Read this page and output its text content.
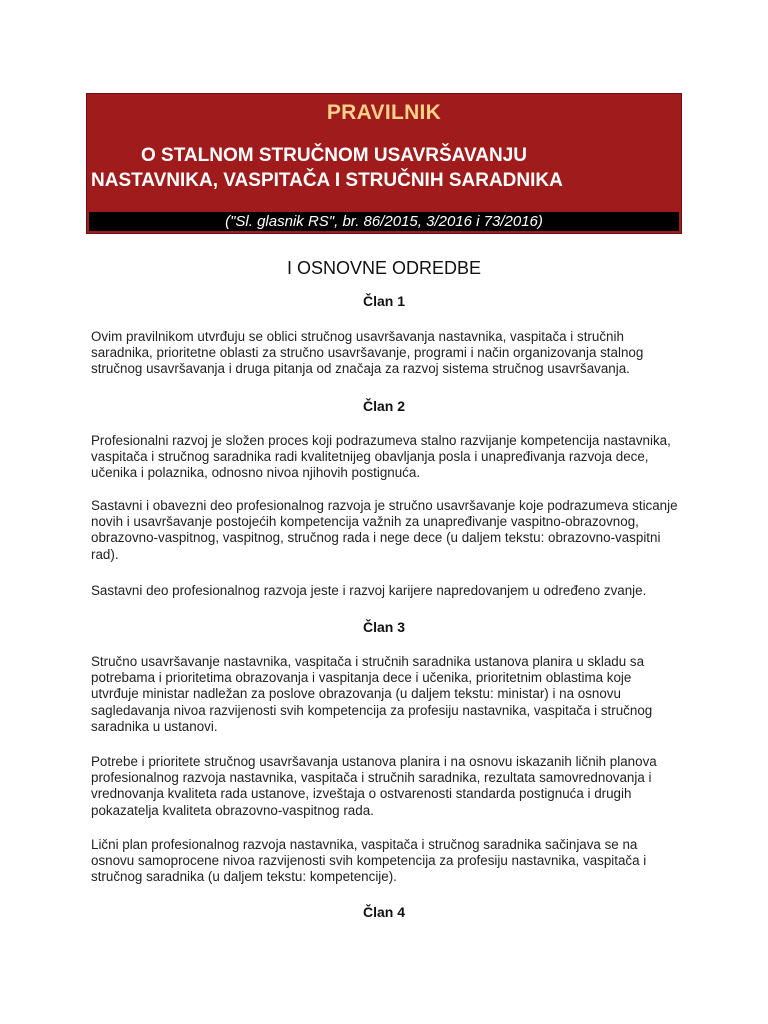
PRAVILNIK
O STALNOM STRUČNOM USAVRŠAVANJU
NASTAVNIKA, VASPITAČA I STRUČNIH SARADNIKA
("Sl. glasnik RS", br. 86/2015, 3/2016 i 73/2016)
I OSNOVNE ODREDBE
Član 1
Ovim pravilnikom utvrđuju se oblici stručnog usavršavanja nastavnika, vaspitača i stručnih saradnika, prioritetne oblasti za stručno usavršavanje, programi i način organizovanja stalnog stručnog usavršavanja i druga pitanja od značaja za razvoj sistema stručnog usavršavanja.
Član 2
Profesionalni razvoj je složen proces koji podrazumeva stalno razvijanje kompetencija nastavnika, vaspitača i stručnog saradnika radi kvalitetnijeg obavljanja posla i unapređivanja razvoja dece, učenika i polaznika, odnosno nivoa njihovih postignuća.
Sastavni i obavezni deo profesionalnog razvoja je stručno usavršavanje koje podrazumeva sticanje novih i usavršavanje postojećih kompetencija važnih za unapređivanje vaspitno-obrazovnog, obrazovno-vaspitnog, vaspitnog, stručnog rada i nege dece (u daljem tekstu: obrazovno-vaspitni rad).
Sastavni deo profesionalnog razvoja jeste i razvoj karijere napredovanjem u određeno zvanje.
Član 3
Stručno usavršavanje nastavnika, vaspitača i stručnih saradnika ustanova planira u skladu sa potrebama i prioritetima obrazovanja i vaspitanja dece i učenika, prioritetnim oblastima koje utvrđuje ministar nadležan za poslove obrazovanja (u daljem tekstu: ministar) i na osnovu sagledavanja nivoa razvijenosti svih kompetencija za profesiju nastavnika, vaspitača i stručnog saradnika u ustanovi.
Potrebe i prioritete stručnog usavršavanja ustanova planira i na osnovu iskazanih ličnih planova profesionalnog razvoja nastavnika, vaspitača i stručnih saradnika, rezultata samovrednovanja i vrednovanja kvaliteta rada ustanove, izveštaja o ostvarenosti standarda postignuća i drugih pokazatelja kvaliteta obrazovno-vaspitnog rada.
Lični plan profesionalnog razvoja nastavnika, vaspitača i stručnog saradnika sačinjava se na osnovu samoprocene nivoa razvijenosti svih kompetencija za profesiju nastavnika, vaspitača i stručnog saradnika (u daljem tekstu: kompetencije).
Član 4
